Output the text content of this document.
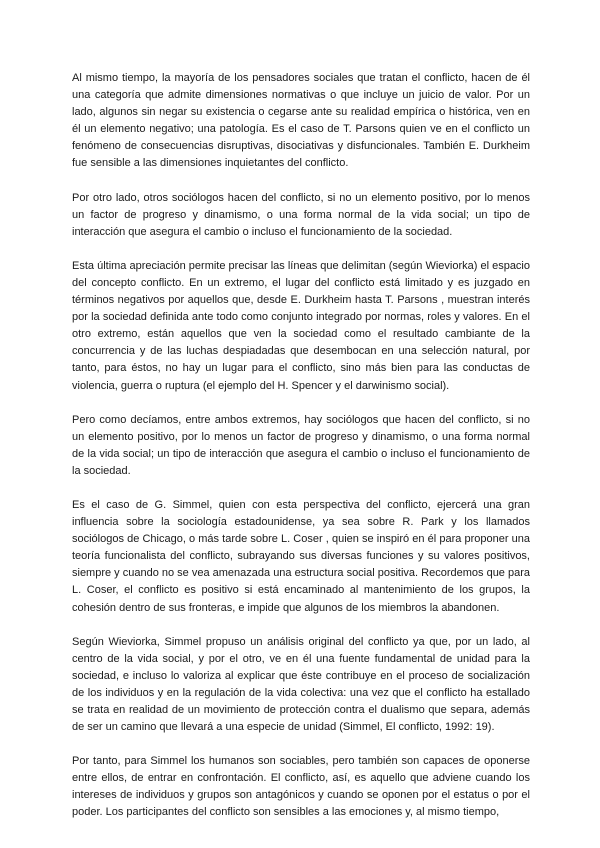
Al mismo tiempo, la mayoría de los pensadores sociales que tratan el conflicto, hacen de él una categoría que admite dimensiones normativas o que incluye un juicio de valor. Por un lado, algunos sin negar su existencia o cegarse ante su realidad empírica o histórica, ven en él un elemento negativo; una patología. Es el caso de T. Parsons quien ve en el conflicto un fenómeno de consecuencias disruptivas, disociativas y disfuncionales. También E. Durkheim fue sensible a las dimensiones inquietantes del conflicto.

Por otro lado, otros sociólogos hacen del conflicto, si no un elemento positivo, por lo menos un factor de progreso y dinamismo, o una forma normal de la vida social; un tipo de interacción que asegura el cambio o incluso el funcionamiento de la sociedad.

Esta última apreciación permite precisar las líneas que delimitan (según Wieviorka) el espacio del concepto conflicto. En un extremo, el lugar del conflicto está limitado y es juzgado en términos negativos por aquellos que, desde E. Durkheim hasta T. Parsons , muestran interés por la sociedad definida ante todo como conjunto integrado por normas, roles y valores. En el otro extremo, están aquellos que ven la sociedad como el resultado cambiante de la concurrencia y de las luchas despiadadas que desembocan en una selección natural, por tanto, para éstos, no hay un lugar para el conflicto, sino más bien para las conductas de violencia, guerra o ruptura (el ejemplo del H. Spencer y el darwinismo social).

Pero como decíamos, entre ambos extremos, hay sociólogos que hacen del conflicto, si no un elemento positivo, por lo menos un factor de progreso y dinamismo, o una forma normal de la vida social; un tipo de interacción que asegura el cambio o incluso el funcionamiento de la sociedad.

Es el caso de G. Simmel, quien con esta perspectiva del conflicto, ejercerá una gran influencia sobre la sociología estadounidense, ya sea sobre R. Park y los llamados sociólogos de Chicago, o más tarde sobre L. Coser , quien se inspiró en él para proponer una teoría funcionalista del conflicto, subrayando sus diversas funciones y su valores positivos, siempre y cuando no se vea amenazada una estructura social positiva. Recordemos que para L. Coser, el conflicto es positivo si está encaminado al mantenimiento de los grupos, la cohesión dentro de sus fronteras, e impide que algunos de los miembros la abandonen.

Según Wieviorka, Simmel propuso un análisis original del conflicto ya que, por un lado, al centro de la vida social, y por el otro, ve en él una fuente fundamental de unidad para la sociedad, e incluso lo valoriza al explicar que éste contribuye en el proceso de socialización de los individuos y en la regulación de la vida colectiva: una vez que el conflicto ha estallado se trata en realidad de un movimiento de protección contra el dualismo que separa, además de ser un camino que llevará a una especie de unidad (Simmel, El conflicto, 1992: 19).

Por tanto, para Simmel los humanos son sociables, pero también son capaces de oponerse entre ellos, de entrar en confrontación. El conflicto, así, es aquello que adviene cuando los intereses de individuos y grupos son antagónicos y cuando se oponen por el estatus o por el poder. Los participantes del conflicto son sensibles a las emociones y, al mismo tiempo,
